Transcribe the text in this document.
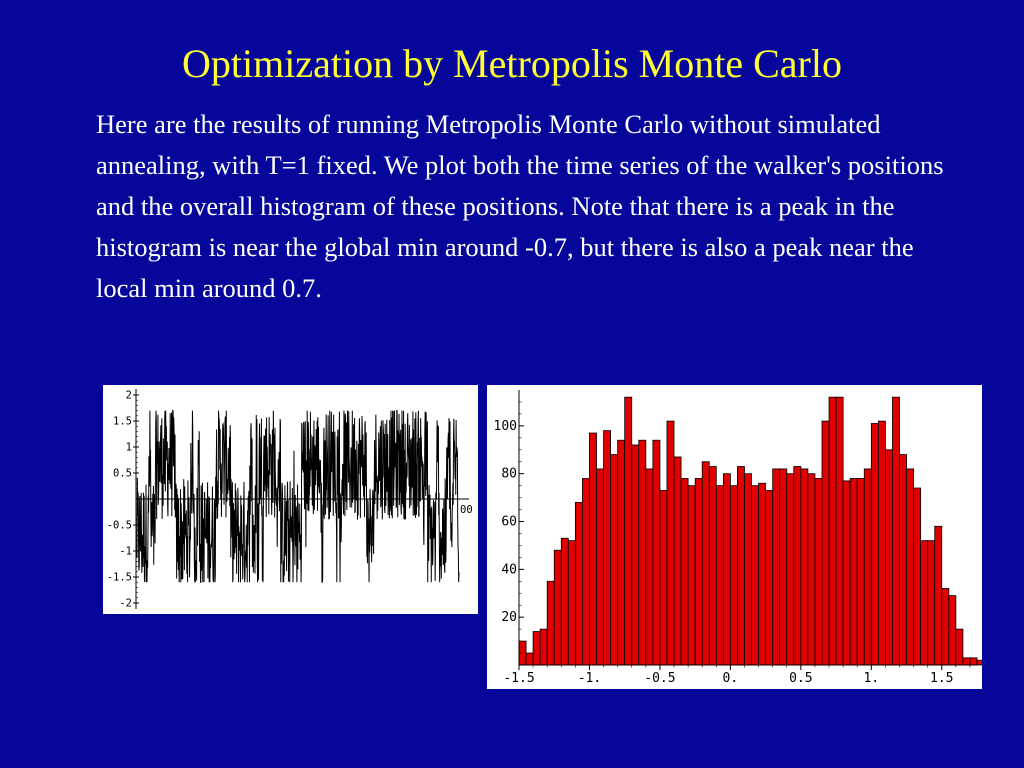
Optimization by Metropolis Monte Carlo

Here are the results of running Metropolis Monte Carlo without simulated annealing, with T=1 fixed. We plot both the time series of the walker's positions and the overall histogram of these positions. Note that there is a peak in the histogram is near the global min around -0.7, but there is also a peak near the local min around 0.7.

2
1.5
1
0.5
-0.5
-1
-1.5
-2
00
20
40
60
80
100
-1.5	-1.	-0.5	0.	0.5	1.	1.5
